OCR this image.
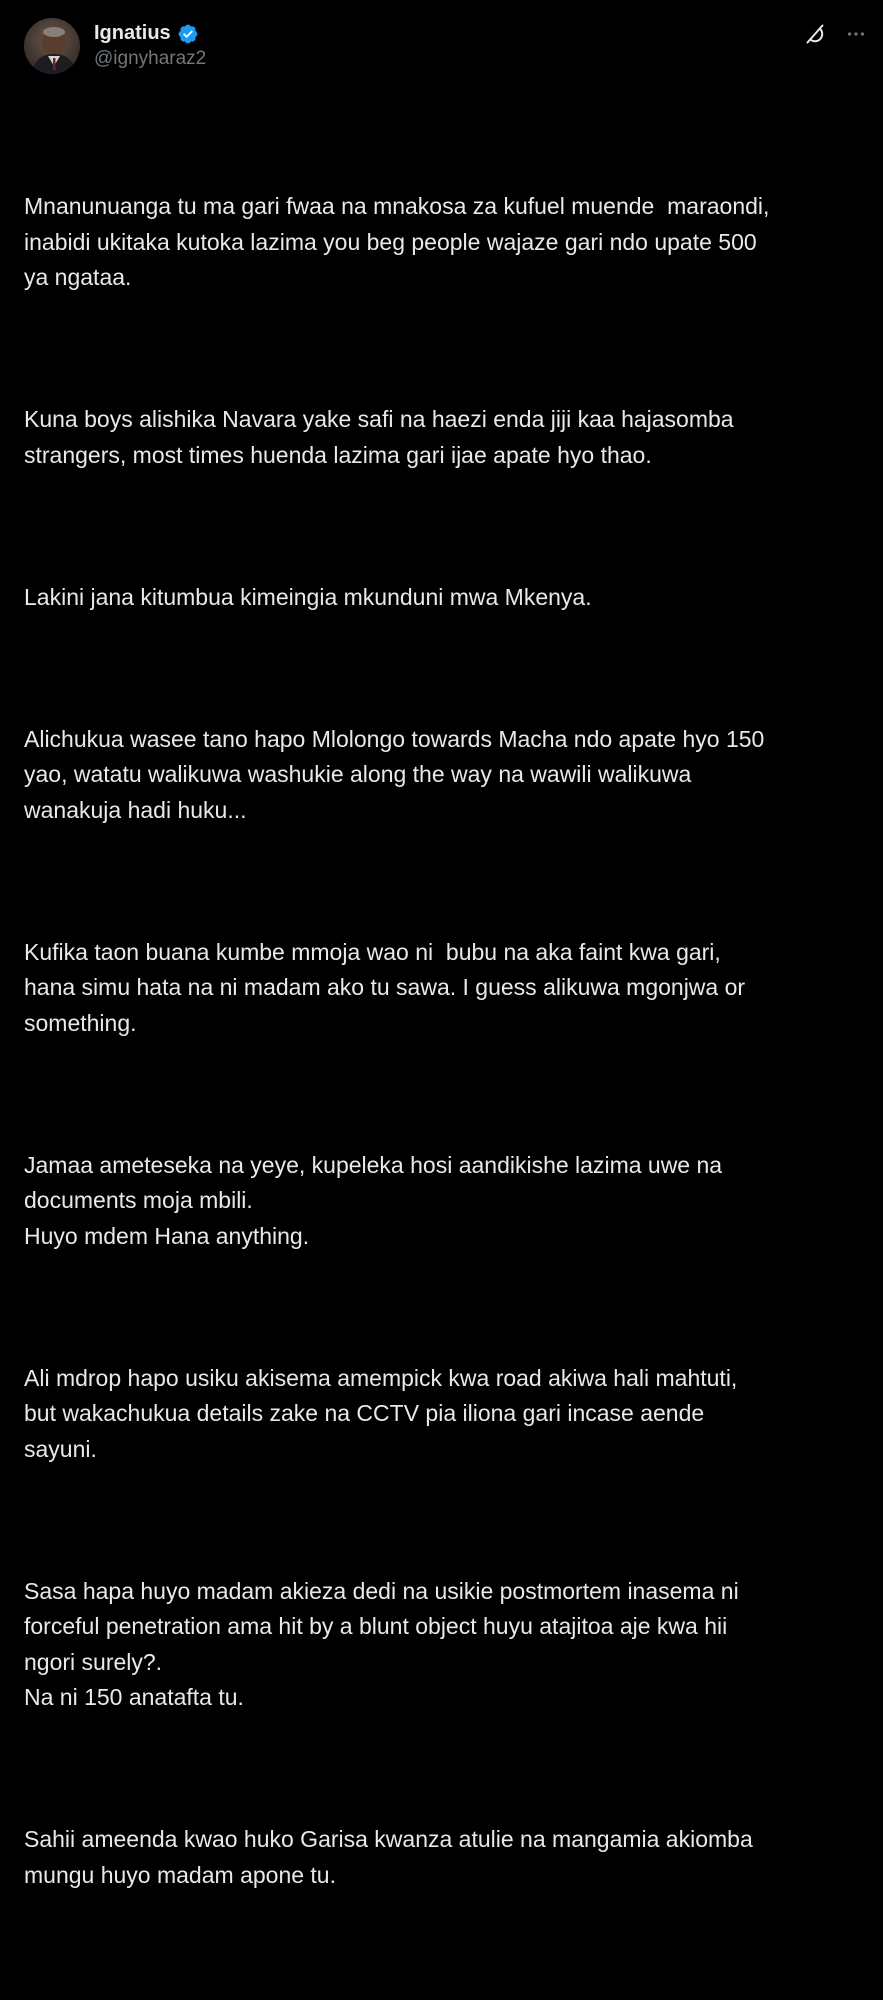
Ignatius
@ignyharaz2

Mnanunuanga tu ma gari fwaa na mnakosa za kufuel muende  maraondi,
inabidi ukitaka kutoka lazima you beg people wajaze gari ndo upate 500
ya ngataa.

Kuna boys alishika Navara yake safi na haezi enda jiji kaa hajasomba
strangers, most times huenda lazima gari ijae apate hyo thao.

Lakini jana kitumbua kimeingia mkunduni mwa Mkenya.

Alichukua wasee tano hapo Mlolongo towards Macha ndo apate hyo 150
yao, watatu walikuwa washukie along the way na wawili walikuwa
wanakuja hadi huku...

Kufika taon buana kumbe mmoja wao ni  bubu na aka faint kwa gari,
hana simu hata na ni madam ako tu sawa. I guess alikuwa mgonjwa or
something.

Jamaa ameteseka na yeye, kupeleka hosi aandikishe lazima uwe na
documents moja mbili.
Huyo mdem Hana anything.

Ali mdrop hapo usiku akisema amempick kwa road akiwa hali mahtuti,
but wakachukua details zake na CCTV pia iliona gari incase aende
sayuni.

Sasa hapa huyo madam akieza dedi na usikie postmortem inasema ni
forceful penetration ama hit by a blunt object huyu atajitoa aje kwa hii
ngori surely?.
Na ni 150 anatafta tu.

Sahii ameenda kwao huko Garisa kwanza atulie na mangamia akiomba
mungu huyo madam apone tu.
